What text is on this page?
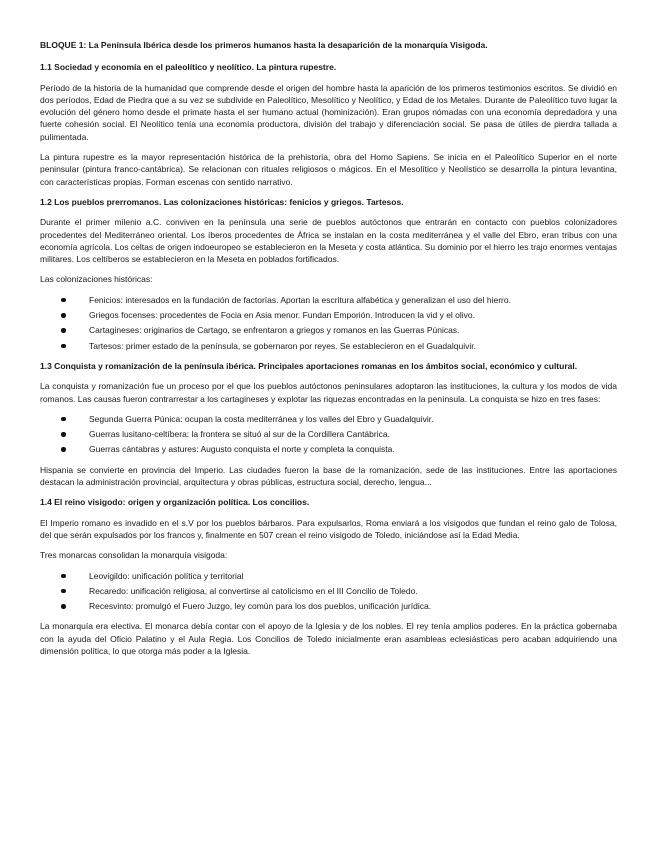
BLOQUE 1: La Península Ibérica desde los primeros humanos hasta la desaparición de la monarquía Visigoda.
1.1 Sociedad y economía en el paleolítico y neolítico. La pintura rupestre.

Período de la historia de la humanidad que comprende desde el origen del hombre hasta la aparición de los primeros testimonios escritos. Se dividió en dos períodos, Edad de Piedra que a su vez se subdivide en Paleolítico, Mesolítico y Neolítico, y Edad de los Metales. Durante de Paleolítico tuvo lugar la evolución del género homo desde el primate hasta el ser humano actual (hominización). Eran grupos nómadas con una economía depredadora y una fuerte cohesión social. El Neolítico tenía una economía productora, división del trabajo y diferenciación social. Se pasa de útiles de pierdra tallada a pulimentada.

La pintura rupestre es la mayor representación histórica de la prehistoria, obra del Homo Sapiens. Se inicia en el Paleolítico Superior en el norte peninsular (pintura franco-cantábrica). Se relacionan con rituales religiosos o mágicos. En el Mesolítico y Neolístico se desarrolla la pintura levantina, con características propias. Forman escenas con sentido narrativo.

1.2 Los pueblos prerromanos. Las colonizaciones históricas: fenicios y griegos. Tartesos.

Durante el primer milenio a.C. conviven en la península una serie de pueblos autóctonos que entrarán en contacto con pueblos colonizadores procedentes del Mediterráneo oriental. Los íberos procedentes de África se instalan en la costa mediterránea y el valle del Ebro, eran tribus con una economía agrícola. Los celtas de origen indoeuropeo se establecieron en la Meseta y costa atlántica. Su dominio por el hierro les trajo enormes ventajas militares. Los celtíberos se establecieron en la Meseta en poblados fortificados.

Las colonizaciones históricas:

Fenicios: interesados en la fundación de factorías. Aportan la escritura alfabética y generalizan el uso del hierro.
Griegos focenses: procedentes de Focia en Asia menor. Fundan Emporión. Introducen la vid y el olivo.
Cartagineses: originarios de Cartago, se enfrentaron a griegos y romanos en las Guerras Púnicas.
Tartesos: primer estado de la península, se gobernaron por reyes. Se establecieron en el Guadalquivir.
1.3 Conquista y romanización de la península ibérica. Principales aportaciones romanas en los ámbitos social, económico y cultural.

La conquista y romanización fue un proceso por el que los pueblos autóctonos peninsulares adoptaron las instituciones, la cultura y los modos de vida romanos. Las causas fueron contrarrestar a los cartagineses y explotar las riquezas encontradas en la península. La conquista se hizo en tres fases:

Segunda Guerra Púnica: ocupan la costa mediterránea y los valles del Ebro y Guadalquivir.
Guerras lusitano-celtíbera: la frontera se situó al sur de la Cordillera Cantábrica.
Guerras cántabras y astures: Augusto conquista el norte y completa la conquista.

Hispania se convierte en provincia del Imperio. Las ciudades fueron la base de la romanización, sede de las instituciones. Entre las aportaciones destacan la administración provincial, arquitectura y obras públicas, estructura social, derecho, lengua...

1.4 El reino visigodo: origen y organización política. Los concilios.

El Imperio romano es invadido en el s.V por los pueblos bárbaros. Para expulsarlos, Roma enviará a los visigodos que fundan el reino galo de Tolosa, del que serán expulsados por los francos y, finalmente en 507 crean el reino visigodo de Toledo, iniciándose así la Edad Media.

Tres monarcas consolidan la monarquía visigoda:

Leovigildo: unificación política y territorial
Recaredo: unificación religiosa, al convertirse al catolicismo en el III Concilio de Toledo.
Recesvinto: promulgó el Fuero Juzgo, ley común para los dos pueblos, unificación jurídica.

La monarquía era electiva. El monarca debía contar con el apoyo de la Iglesia y de los nobles. El rey tenía amplios poderes. En la práctica gobernaba con la ayuda del Oficio Palatino y el Aula Regia. Los Concilios de Toledo inicialmente eran asambleas eclesiásticas pero acaban adquiriendo una dimensión política, lo que otorga más poder a la Iglesia.
